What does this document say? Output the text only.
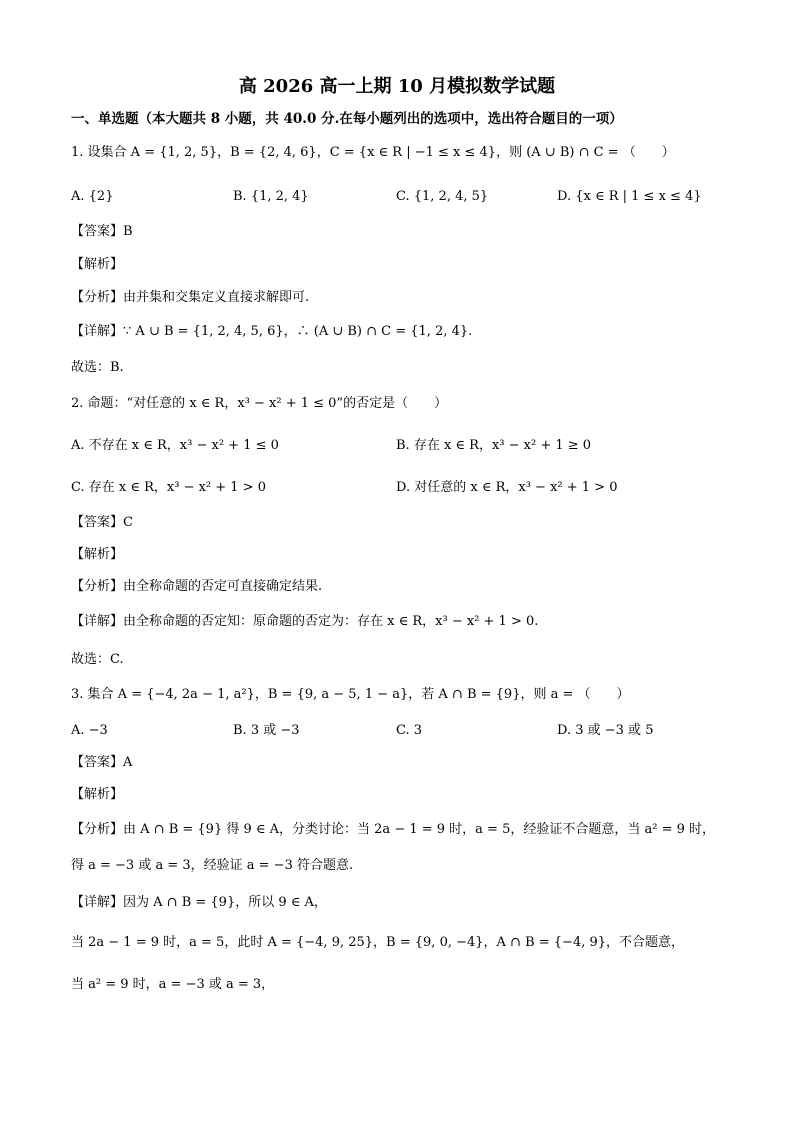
高 2026 高一上期 10 月模拟数学试题
一、单选题（本大题共 8 小题，共 40.0 分.在每小题列出的选项中，选出符合题目的一项）
1. 设集合 A = {1, 2, 5}，B = {2, 4, 6}，C = {x ∈ R | −1 ≤ x ≤ 4}，则 (A ∪ B) ∩ C = （　　）
A. {2}	B. {1, 2, 4}	C. {1, 2, 4, 5}	D. {x ∈ R | 1 ≤ x ≤ 4}
【答案】B
【解析】
【分析】由并集和交集定义直接求解即可.
【详解】∵ A ∪ B = {1, 2, 4, 5, 6}，∴ (A ∪ B) ∩ C = {1, 2, 4}.
故选：B.
2. 命题：“对任意的 x ∈ R，x³ − x² + 1 ≤ 0”的否定是（　　）
A. 不存在 x ∈ R，x³ − x² + 1 ≤ 0	B. 存在 x ∈ R，x³ − x² + 1 ≥ 0
C. 存在 x ∈ R，x³ − x² + 1 > 0	D. 对任意的 x ∈ R，x³ − x² + 1 > 0
【答案】C
【解析】
【分析】由全称命题的否定可直接确定结果.
【详解】由全称命题的否定知：原命题的否定为：存在 x ∈ R，x³ − x² + 1 > 0.
故选：C.
3. 集合 A = {−4, 2a − 1, a²}，B = {9, a − 5, 1 − a}，若 A ∩ B = {9}，则 a = （　　）
A. −3	B. 3 或 −3	C. 3	D. 3 或 −3 或 5
【答案】A
【解析】
【分析】由 A ∩ B = {9} 得 9 ∈ A，分类讨论：当 2a − 1 = 9 时，a = 5，经验证不合题意，当 a² = 9 时，
得 a = −3 或 a = 3，经验证 a = −3 符合题意.
【详解】因为 A ∩ B = {9}，所以 9 ∈ A，
当 2a − 1 = 9 时，a = 5，此时 A = {−4, 9, 25}，B = {9, 0, −4}，A ∩ B = {−4, 9}，不合题意，
当 a² = 9 时，a = −3 或 a = 3，
